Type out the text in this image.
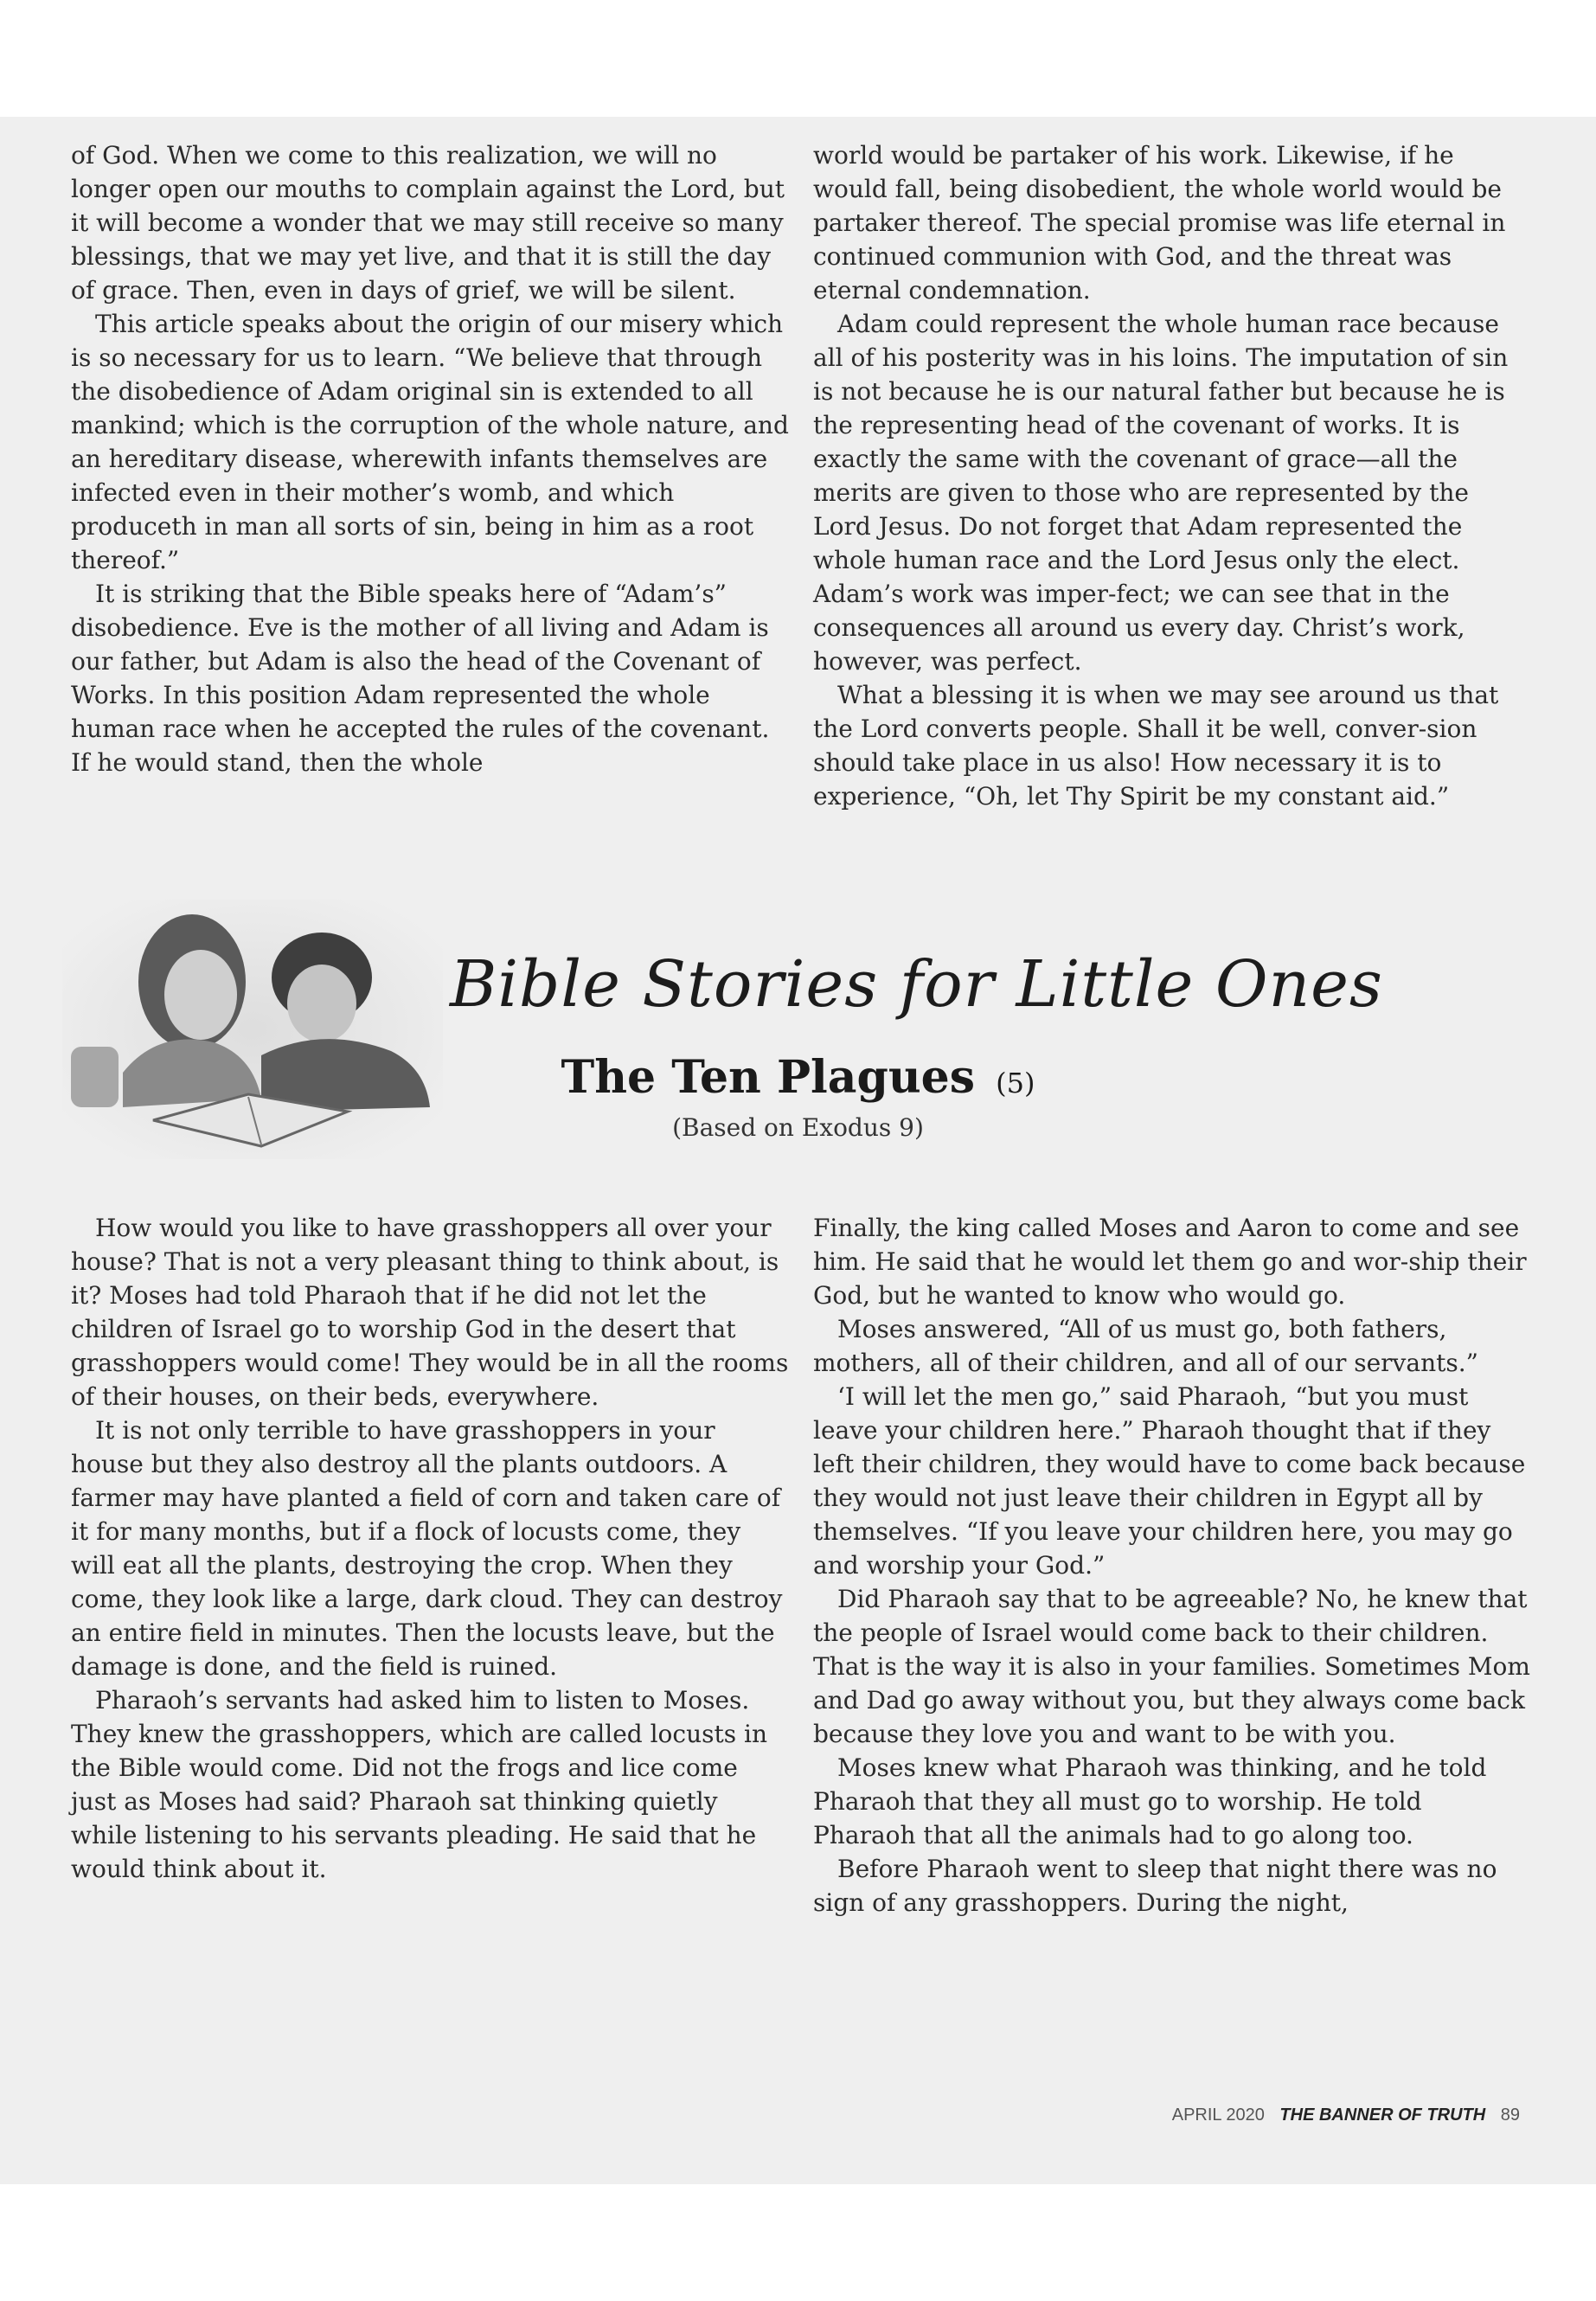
of God. When we come to this realization, we will no longer open our mouths to complain against the Lord, but it will become a wonder that we may still receive so many blessings, that we may yet live, and that it is still the day of grace. Then, even in days of grief, we will be silent.

This article speaks about the origin of our misery which is so necessary for us to learn. “We believe that through the disobedience of Adam original sin is extended to all mankind; which is the corruption of the whole nature, and an hereditary disease, wherewith infants themselves are infected even in their mother’s womb, and which produceth in man all sorts of sin, being in him as a root thereof.”

It is striking that the Bible speaks here of “Adam’s” disobedience. Eve is the mother of all living and Adam is our father, but Adam is also the head of the Covenant of Works. In this position Adam represented the whole human race when he accepted the rules of the covenant. If he would stand, then the whole

world would be partaker of his work. Likewise, if he would fall, being disobedient, the whole world would be partaker thereof. The special promise was life eternal in continued communion with God, and the threat was eternal condemnation.

Adam could represent the whole human race because all of his posterity was in his loins. The imputation of sin is not because he is our natural father but because he is the representing head of the covenant of works. It is exactly the same with the covenant of grace—all the merits are given to those who are represented by the Lord Jesus. Do not forget that Adam represented the whole human race and the Lord Jesus only the elect. Adam’s work was imper-fect; we can see that in the consequences all around us every day. Christ’s work, however, was perfect.

What a blessing it is when we may see around us that the Lord converts people. Shall it be well, conver-sion should take place in us also! How necessary it is to experience, “Oh, let Thy Spirit be my constant aid.”

Bible Stories for Little Ones
The Ten Plagues (5)
(Based on Exodus 9)

How would you like to have grasshoppers all over your house? That is not a very pleasant thing to think about, is it? Moses had told Pharaoh that if he did not let the children of Israel go to worship God in the desert that grasshoppers would come! They would be in all the rooms of their houses, on their beds, everywhere.

It is not only terrible to have grasshoppers in your house but they also destroy all the plants outdoors. A farmer may have planted a field of corn and taken care of it for many months, but if a flock of locusts come, they will eat all the plants, destroying the crop. When they come, they look like a large, dark cloud. They can destroy an entire field in minutes. Then the locusts leave, but the damage is done, and the field is ruined.

Pharaoh’s servants had asked him to listen to Moses. They knew the grasshoppers, which are called locusts in the Bible would come. Did not the frogs and lice come just as Moses had said? Pharaoh sat thinking quietly while listening to his servants pleading. He said that he would think about it.

Finally, the king called Moses and Aaron to come and see him. He said that he would let them go and wor-ship their God, but he wanted to know who would go.

Moses answered, “All of us must go, both fathers, mothers, all of their children, and all of our servants.”

‘I will let the men go,” said Pharaoh, “but you must leave your children here.” Pharaoh thought that if they left their children, they would have to come back because they would not just leave their children in Egypt all by themselves. “If you leave your children here, you may go and worship your God.”

Did Pharaoh say that to be agreeable? No, he knew that the people of Israel would come back to their children. That is the way it is also in your families. Sometimes Mom and Dad go away without you, but they always come back because they love you and want to be with you.

Moses knew what Pharaoh was thinking, and he told Pharaoh that they all must go to worship. He told Pharaoh that all the animals had to go along too.

Before Pharaoh went to sleep that night there was no sign of any grasshoppers. During the night,

APRIL 2020 THE BANNER OF TRUTH 89
